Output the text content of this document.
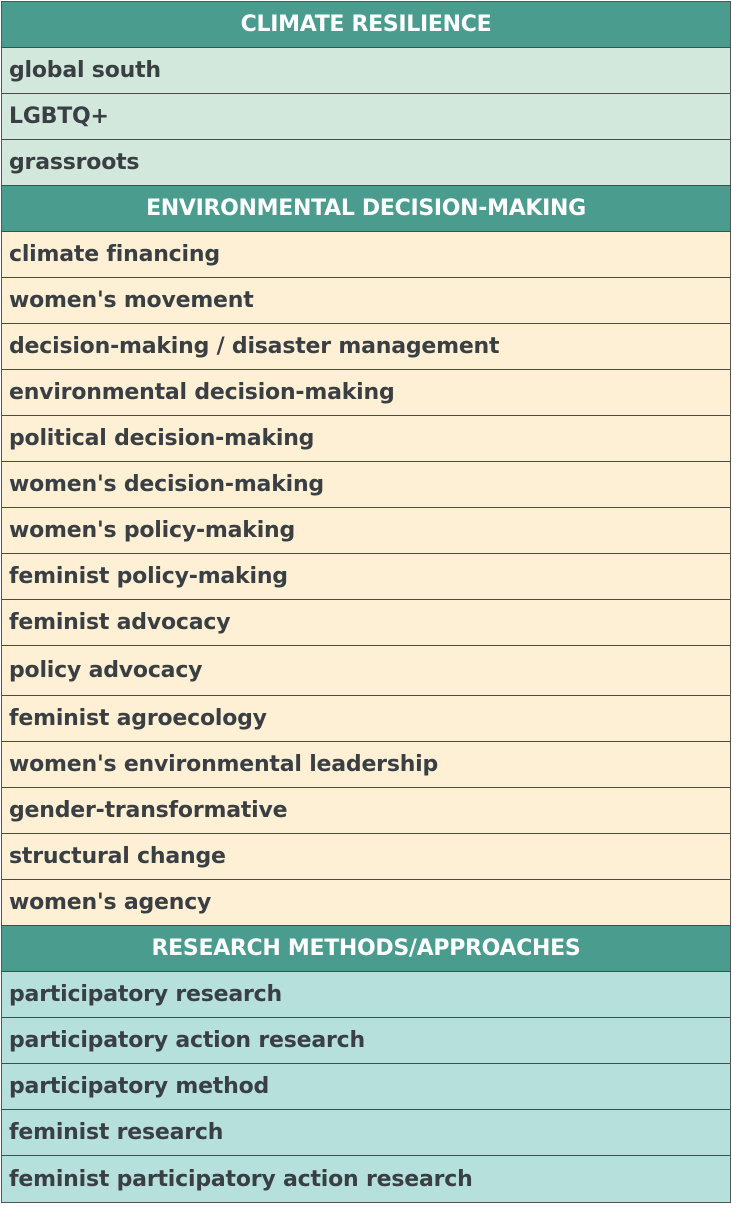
CLIMATE RESILIENCE
global south
LGBTQ+
grassroots
ENVIRONMENTAL DECISION-MAKING
climate financing
women's movement
decision-making / disaster management
environmental decision-making
political decision-making
women's decision-making
women's policy-making
feminist policy-making
feminist advocacy
policy advocacy
feminist agroecology
women's environmental leadership
gender-transformative
structural change
women's agency
RESEARCH METHODS/APPROACHES
participatory research
participatory action research
participatory method
feminist research
feminist participatory action research
